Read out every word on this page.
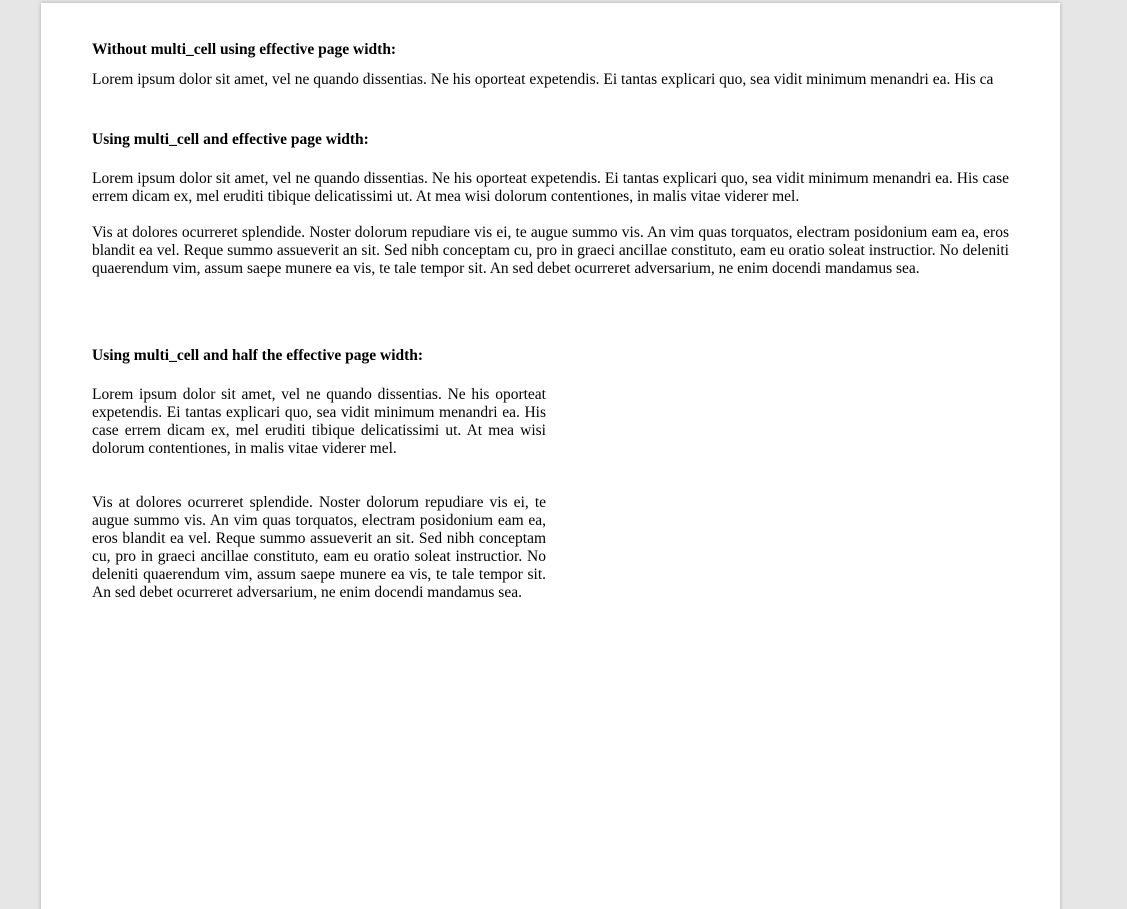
Without multi_cell using effective page width:

Lorem ipsum dolor sit amet, vel ne quando dissentias. Ne his oporteat expetendis. Ei tantas explicari quo, sea vidit minimum menandri ea. His ca

Using multi_cell and effective page width:

Lorem ipsum dolor sit amet, vel ne quando dissentias. Ne his oporteat expetendis. Ei tantas explicari quo, sea vidit minimum menandri ea. His case errem dicam ex, mel eruditi tibique delicatissimi ut. At mea wisi dolorum contentiones, in malis vitae viderer mel.

Vis at dolores ocurreret splendide. Noster dolorum repudiare vis ei, te augue summo vis. An vim quas torquatos, electram posidonium eam ea, eros blandit ea vel. Reque summo assueverit an sit. Sed nibh conceptam cu, pro in graeci ancillae constituto, eam eu oratio soleat instructior. No deleniti quaerendum vim, assum saepe munere ea vis, te tale tempor sit. An sed debet ocurreret adversarium, ne enim docendi mandamus sea.

Using multi_cell and half the effective page width:

Lorem ipsum dolor sit amet, vel ne quando dissentias. Ne his oporteat expetendis. Ei tantas explicari quo, sea vidit minimum menandri ea. His case errem dicam ex, mel eruditi tibique delicatissimi ut. At mea wisi dolorum contentiones, in malis vitae viderer mel.

Vis at dolores ocurreret splendide. Noster dolorum repudiare vis ei, te augue summo vis. An vim quas torquatos, electram posidonium eam ea, eros blandit ea vel. Reque summo assueverit an sit. Sed nibh conceptam cu, pro in graeci ancillae constituto, eam eu oratio soleat instructior. No deleniti quaerendum vim, assum saepe munere ea vis, te tale tempor sit. An sed debet ocurreret adversarium, ne enim docendi mandamus sea.
